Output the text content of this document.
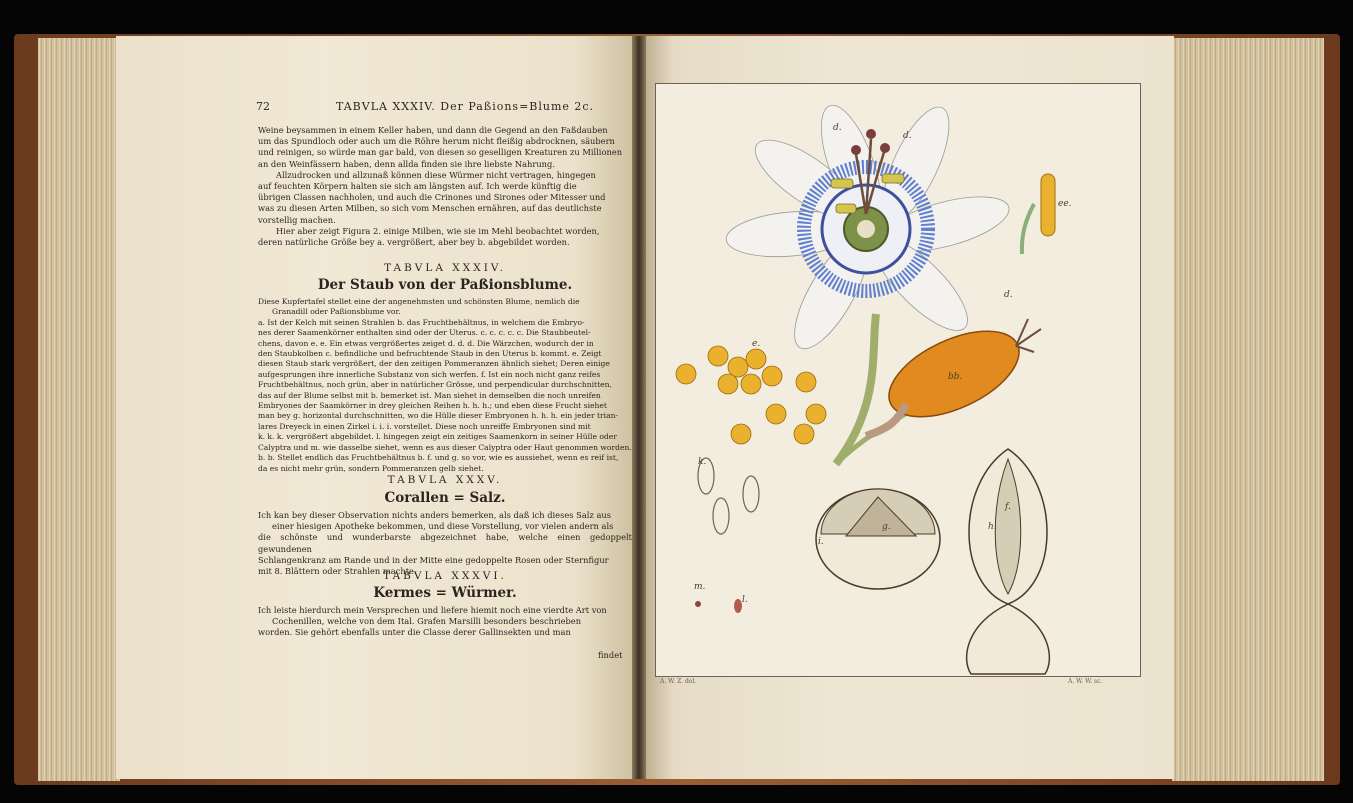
72	TABVLA XXXIV. Der Paßions=Blume 2c.
Weine beysammen in einem Keller haben, und dann die Gegend an den Faßdauben
um das Spundloch oder auch um die Röhre herum nicht fleißig abdrocknen, säubern
und reinigen, so würde man gar bald, von diesen so geselligen Kreaturen zu Millionen
an den Weinfässern haben, denn allda finden sie ihre liebste Nahrung.
Allzudrocken und allzunaß können diese Würmer nicht vertragen, hingegen
auf feuchten Körpern halten sie sich am längsten auf. Ich werde künftig die
übrigen Classen nachholen, und auch die Crinones und Sirones oder Mitesser und
was zu diesen Arten Milben, so sich vom Menschen ernähren, auf das deutlichste
vorstellig machen.
Hier aber zeigt Figura 2. einige Milben, wie sie im Mehl beobachtet worden,
deren natürliche Größe bey a. vergrößert, aber bey b. abgebildet worden.
TABVLA XXXIV.
Der Staub von der Paßionsblume.
Diese Kupfertafel stellet eine der angenehmsten und schönsten Blume, nemlich die
Granadill oder Paßionsblume vor.
a. Ist der Kelch mit seinen Strahlen b. das Fruchtbehältnus, in welchem die Embryo-
nes derer Saamenkörner enthalten sind oder der Uterus. c. c. c. c. c. Die Staubbeutel-
chens, davon e. e. Ein etwas vergrößertes zeiget d. d. d. Die Wärzchen, wodurch der in
den Staubkolben c. befindliche und befruchtende Staub in den Uterus b. kommt. e. Zeigt
diesen Staub stark vergrößert, der den zeitigen Pommeranzen ähnlich siehet; Deren einige
aufgesprungen ihre innerliche Substanz von sich werfen. f. Ist ein noch nicht ganz reifes
Fruchtbehältnus, noch grün, aber in natürlicher Grösse, und perpendicular durchschnitten,
das auf der Blume selbst mit b. bemerket ist. Man siehet in demselben die noch unreifen
Embryones der Saamkörner in drey gleichen Reihen h. h. h.; und eben diese Frucht siehet
man bey g. horizontal durchschnitten, wo die Hülle dieser Embryonen h. h. h. ein jeder trian-
lares Dreyeck in einen Zirkel i. i. i. vorstellet. Diese noch unreiffe Embryonen sind mit
k. k. k. vergrößert abgebildet. l. hingegen zeigt ein zeitiges Saamenkorn in seiner Hülle oder
Calyptra und m. wie dasselbe siehet, wenn es aus dieser Calyptra oder Haut genommen worden.
b. b. Stellet endlich das Fruchtbehältnus b. f. und g. so vor, wie es aussiehet, wenn es reif ist,
da es nicht mehr grün, sondern Pommeranzen gelb siehet.
TABVLA XXXV.
Corallen = Salz.
Ich kan bey dieser Observation nichts anders bemerken, als daß ich dieses Salz aus
einer hiesigen Apotheke bekommen, und diese Vorstellung, vor vielen andern als
die schönste und wunderbarste abgezeichnet habe, welche einen gedoppelt gewundenen
Schlangenkranz am Rande und in der Mitte eine gedoppelte Rosen oder Sternfigur
mit 8. Blättern oder Strahlen machte.
TABVLA XXXVI.
Kermes = Würmer.
Ich leiste hierdurch mein Versprechen und liefere hiemit noch eine vierdte Art von
Cochenillen, welche von dem Ital. Grafen Marsilli besonders beschrieben
worden. Sie gehört ebenfalls unter die Classe derer Gallinsekten und man
findet
d.
d.
ee.
bb.
e.
d.
f.
g.	h.
i.
k.
l.
m.
A. W. Z. del.	A. W. W. sc.
